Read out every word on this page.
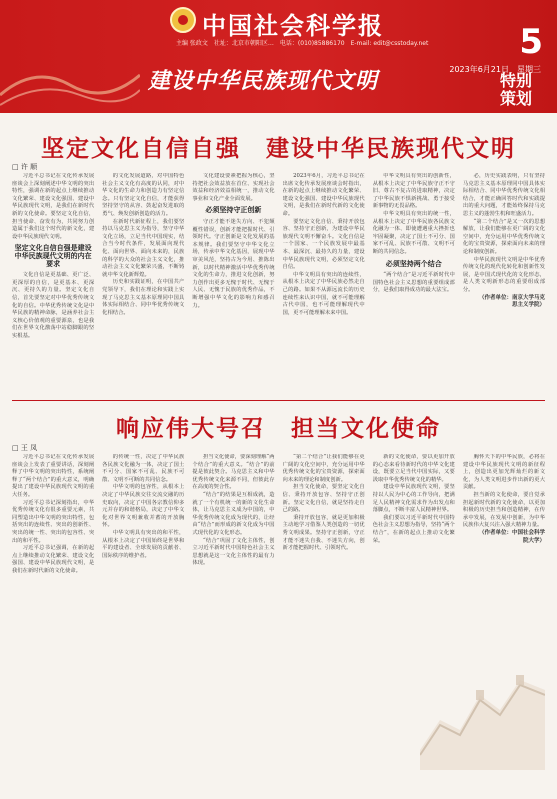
中国社会科学报
主编 张政文　社址：北京市朝阳区…　电话：(010)85886170　E-mail: edit@csstoday.net	5
2023年6月21日　星期三
建设中华民族现代文明	特别策划
坚定文化自信自强　建设中华民族现代文明
□ 许 顺

习近平总书记在文化传承发展座谈会上深刻阐述中华文明的突出特性，强调在新的起点上继续推动文化繁荣、建设文化强国、建设中华民族现代文明，是我们在新时代新的文化使命。要坚定文化自信，担当使命、奋发有为，共同努力创造属于我们这个时代的新文化，建设中华民族现代文明。

坚定文化自信自强是建设中华民族现代文明的内在要求

文化自信是更基础、更广泛、更深厚的自信，是更基本、更深沉、更持久的力量。坚定文化自信，首先要坚定对中华优秀传统文化的自信。中华优秀传统文化是中华民族的精神命脉，是涵养社会主义核心价值观的重要源泉，也是我们在世界文化激荡中站稳脚跟的坚实根基。

的文化发展道路，对中国特色社会主义文化有高度的认同，对中华文化的生命力和创造力有坚定信念。只有坚定文化自信，才能获得坚持坚守的从容、鼓起奋发进取的勇气、焕发创新创造的活力。

在新时代新征程上，我们要坚持以马克思主义为指导，坚守中华文化立场，立足当代中国现实，结合当今时代条件，发展面向现代化、面向世界、面向未来的，民族的科学的大众的社会主义文化，推动社会主义文化繁荣兴盛，不断铸就中华文化新辉煌。

历史和实践证明，在中国共产党领导下，我们在理论和实践上实现了马克思主义基本原理同中国具体实际相结合、同中华优秀传统文化相结合。

文化建设要素把握为核心，坚持把社会效益放在首位、实现社会效益和经济效益相统一，推动文化事业和文化产业全面发展。

必须坚持守正创新

守正才能不迷失方向、不犯颠覆性错误，创新才能把握时代、引领时代。守正创新是文化发展的基本规律。我们要坚守中华文化立场，传承中华文化基因，展现中华审美风范，坚持古为今用、推陈出新，以时代精神激活中华优秀传统文化的生命力，推进文化创新，努力创作出更多无愧于时代、无愧于人民、无愧于民族的优秀作品，不断增强中华文化的影响力和感召力。

2023年6月，习近平总书记在出席文化传承发展座谈会时指出，在新的起点上继续推动文化繁荣、建设文化强国、建设中华民族现代文明，是我们在新时代新的文化使命。

要坚定文化自信、秉持开放包容、坚持守正创新，为建设中华民族现代文明不懈奋斗。文化自信是一个国家、一个民族发展中最基本、最深沉、最持久的力量，建设中华民族现代文明，必须坚定文化自信。

中华文明具有突出的连续性，从根本上决定了中华民族必然走自己的路。如果不从源远流长的历史连续性来认识中国，就不可能理解古代中国，也不可能理解现代中国，更不可能理解未来中国。

中华文明具有突出的创新性，从根本上决定了中华民族守正不守旧、尊古不复古的进取精神，决定了中华民族不惧新挑战、勇于接受新事物的无畏品格。

中华文明具有突出的统一性，从根本上决定了中华民族各民族文化融为一体、即使遭遇重大挫折也牢固凝聚，决定了国土不可分、国家不可乱、民族不可散、文明不可断的共同信念。

必须坚持两个结合

“两个结合”是习近平新时代中国特色社会主义思想的重要组成部分，是我们取得成功的最大法宝。

必，历史实践表明，只有坚持马克思主义基本原理同中国具体实际相结合、同中华优秀传统文化相结合，才能正确回答时代和实践提出的重大问题，才能始终保持马克思主义的蓬勃生机和旺盛活力。

“第二个结合”是又一次的思想解放，让我们能够在更广阔的文化空间中，充分运用中华优秀传统文化的宝贵资源，探索面向未来的理论和制度创新。

中华民族现代文明是中华优秀传统文化的现代化转化和创新性发展，是中国式现代化的文化形态，是人类文明新形态的重要组成部分。

（作者单位：南京大学马克思主义学院）

响应伟大号召　担当文化使命
□ 王 凤

习近平总书记在文化传承发展座谈会上发表了重要讲话，深刻阐释了中华文明的突出特性，系统阐释了“两个结合”的重大意义，明确提出了建设中华民族现代文明的重大任务。

习近平总书记深刻指出，中华优秀传统文化有很多重要元素，共同塑造出中华文明的突出特性，包括突出的连续性、突出的创新性、突出的统一性、突出的包容性、突出的和平性。

习近平总书记强调，在新的起点上继续推动文化繁荣、建设文化强国、建设中华民族现代文明，是我们在新时代新的文化使命。

的传统一性，决定了中华民族各民族文化融为一体，决定了国土不可分、国家不可乱、民族不可散、文明不可断的共同信念。

中华文明的包容性，从根本上决定了中华民族交往交流交融的历史取向，决定了中国各宗教信仰多元并存的和谐格局，决定了中华文化对世界文明兼收并蓄的开放胸怀。

中华文明具有突出的和平性，从根本上决定了中国始终是世界和平的建设者、全球发展的贡献者、国际秩序的维护者。

担当文化使命，要深刻理解“两个结合”的重大意义。“结合”的前提是彼此契合。马克思主义和中华优秀传统文化来源不同，但彼此存在高度的契合性。

“结合”的结果是互相成就，造就了一个有机统一的新的文化生命体，让马克思主义成为中国的，中华优秀传统文化成为现代的，让经由“结合”而形成的新文化成为中国式现代化的文化形态。

“结合”巩固了文化主体性，创立习近平新时代中国特色社会主义思想就是这一文化主体性的最有力体现。

“第二个结合”让我们能够在更广阔的文化空间中，充分运用中华优秀传统文化的宝贵资源，探索面向未来的理论和制度创新。

担当文化使命，要坚定文化自信、秉持开放包容、坚持守正创新。坚定文化自信，就是坚持走自己的路。

秉持开放包容，就是更加积极主动地学习借鉴人类创造的一切优秀文明成果。坚持守正创新，守正才能不迷失自我、不迷失方向，创新才能把握时代、引领时代。

新的文化使命，要以更加开放的心态来看待新时代的中华文化建设，既要立足当代中国实际，又要汲取中华优秀传统文化的精华。

建设中华民族现代文明，要坚持以人民为中心的工作导向，把满足人民精神文化需求作为出发点和落脚点，不断丰富人民精神世界。

我们要以习近平新时代中国特色社会主义思想为指导，坚持“两个结合”，在新的起点上推动文化繁荣。

胸怀天下的中华民族，必将在建设中华民族现代文明的新征程上，创造出更加光辉灿烂的新文化，为人类文明进步作出新的更大贡献。

担当新的文化使命，要自觉承担起新时代新的文化使命，以更加积极的历史担当和创造精神，在传承中发展，在发展中创新，为中华民族伟大复兴注入强大精神力量。

（作者单位：中国社会科学院大学）
